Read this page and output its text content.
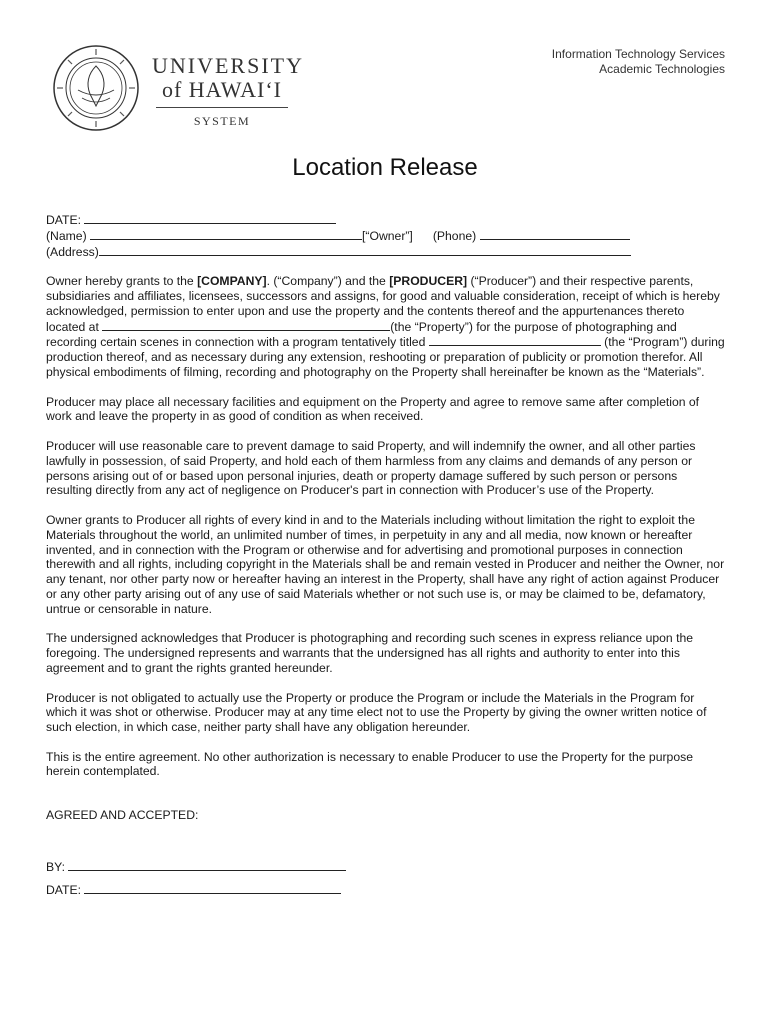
UNIVERSITY
of HAWAIʻI
SYSTEM
Information Technology Services
Academic Technologies
Location Release
DATE:
(Name)	[“Owner”] (Phone)
(Address)

Owner hereby grants to the [COMPANY]. (“Company”) and the [PRODUCER] (“Producer”) and their respective parents, subsidiaries and affiliates, licensees, successors and assigns, for good and valuable consideration, receipt of which is hereby acknowledged, permission to enter upon and use the property and the contents thereof and the appurtenances thereto located at	(the “Property”) for the purpose of photographing and recording certain scenes in connection with a program tentatively titled	(the “Program”) during production thereof, and as necessary during any extension, reshooting or preparation of publicity or promotion therefor. All physical embodiments of filming, recording and photography on the Property shall hereinafter be known as the “Materials”.

Producer may place all necessary facilities and equipment on the Property and agree to remove same after completion of work and leave the property in as good of condition as when received.

Producer will use reasonable care to prevent damage to said Property, and will indemnify the owner, and all other parties lawfully in possession, of said Property, and hold each of them harmless from any claims and demands of any person or persons arising out of or based upon personal injuries, death or property damage suffered by such person or persons resulting directly from any act of negligence on Producer's part in connection with Producer’s use of the Property.

Owner grants to Producer all rights of every kind in and to the Materials including without limitation the right to exploit the Materials throughout the world, an unlimited number of times, in perpetuity in any and all media, now known or hereafter invented, and in connection with the Program or otherwise and for advertising and promotional purposes in connection therewith and all rights, including copyright in the Materials shall be and remain vested in Producer and neither the Owner, nor any tenant, nor other party now or hereafter having an interest in the Property, shall have any right of action against Producer or any other party arising out of any use of said Materials whether or not such use is, or may be claimed to be, defamatory, untrue or censorable in nature.

The undersigned acknowledges that Producer is photographing and recording such scenes in express reliance upon the foregoing. The undersigned represents and warrants that the undersigned has all rights and authority to enter into this agreement and to grant the rights granted hereunder.

Producer is not obligated to actually use the Property or produce the Program or include the Materials in the Program for which it was shot or otherwise. Producer may at any time elect not to use the Property by giving the owner written notice of such election, in which case, neither party shall have any obligation hereunder.

This is the entire agreement. No other authorization is necessary to enable Producer to use the Property for the purpose herein contemplated.

AGREED AND ACCEPTED:
BY:
DATE:
